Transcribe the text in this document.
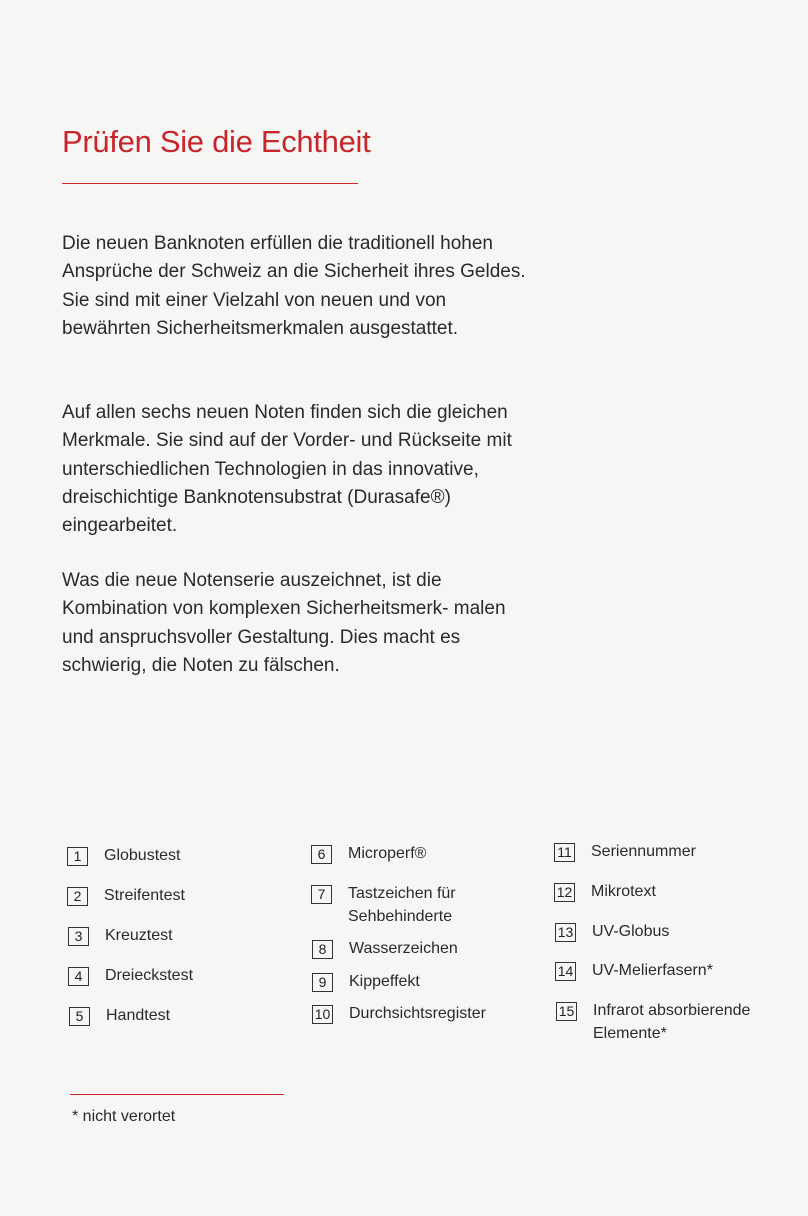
Prüfen Sie die Echtheit

Die neuen Banknoten erfüllen die traditionell hohen Ansprüche der Schweiz an die Sicherheit ihres Geldes. Sie sind mit einer Vielzahl von neuen und von bewährten Sicherheitsmerkmalen ausgestattet.

Auf allen sechs neuen Noten finden sich die gleichen Merkmale. Sie sind auf der Vorder- und Rückseite mit unterschiedlichen Technologien in das innovative, dreischichtige Banknotensubstrat (Durasafe®) eingearbeitet.

Was die neue Notenserie auszeichnet, ist die Kombination von komplexen Sicherheitsmerk- malen und anspruchsvoller Gestaltung. Dies macht es schwierig, die Noten zu fälschen.

1	Globustest
2	Streifentest
3	Kreuztest
4	Dreieckstest
5	Handtest
6	Microperf®
7	Tastzeichen für Sehbehinderte
8	Wasserzeichen
9	Kippeffekt
10 Durchsichtsregister
11 Seriennummer
12 Mikrotext
13 UV-Globus
14 UV-Melierfasern*
15 Infrarot absorbierende Elemente*
* nicht verortet
